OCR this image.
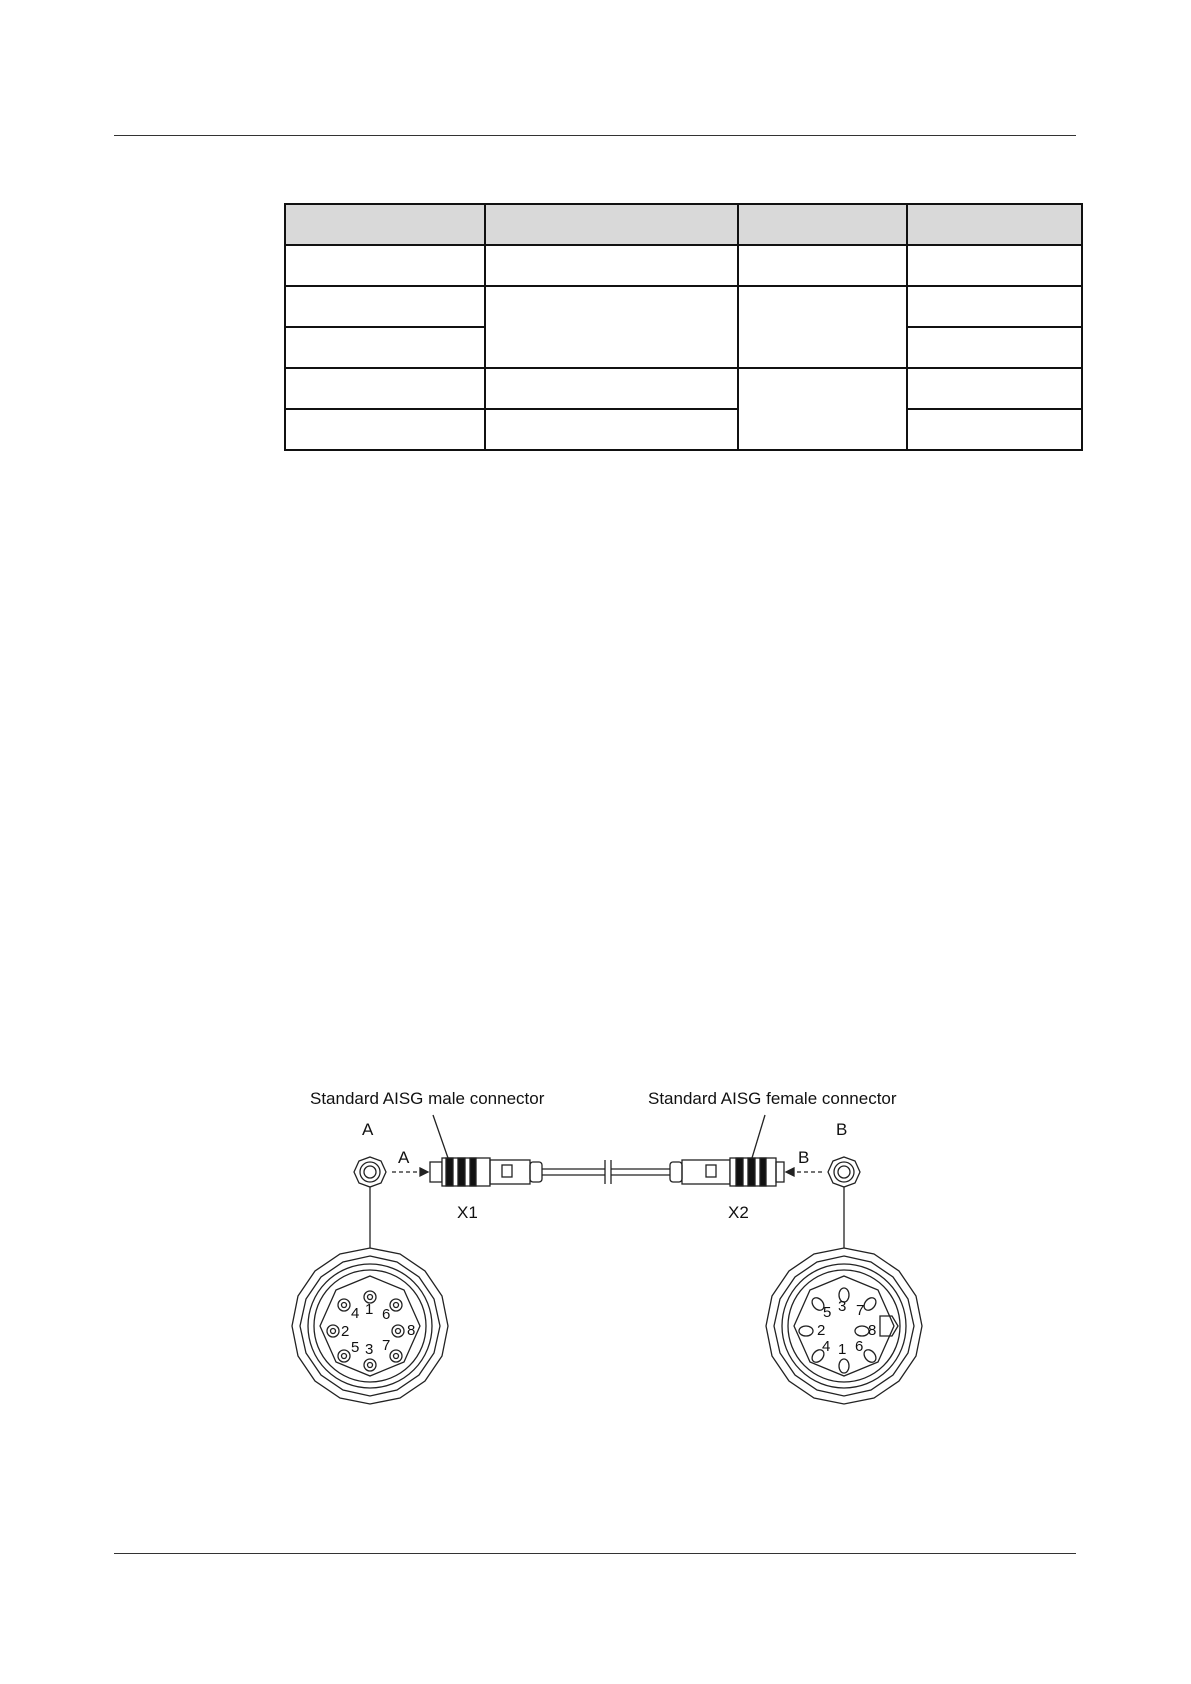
Standard AISG male connector	Standard AISG female connector
A	B
A	B
X1	X2
1
2
3
4
5
6
7
8
1
2
3
4
5
6
7
8
